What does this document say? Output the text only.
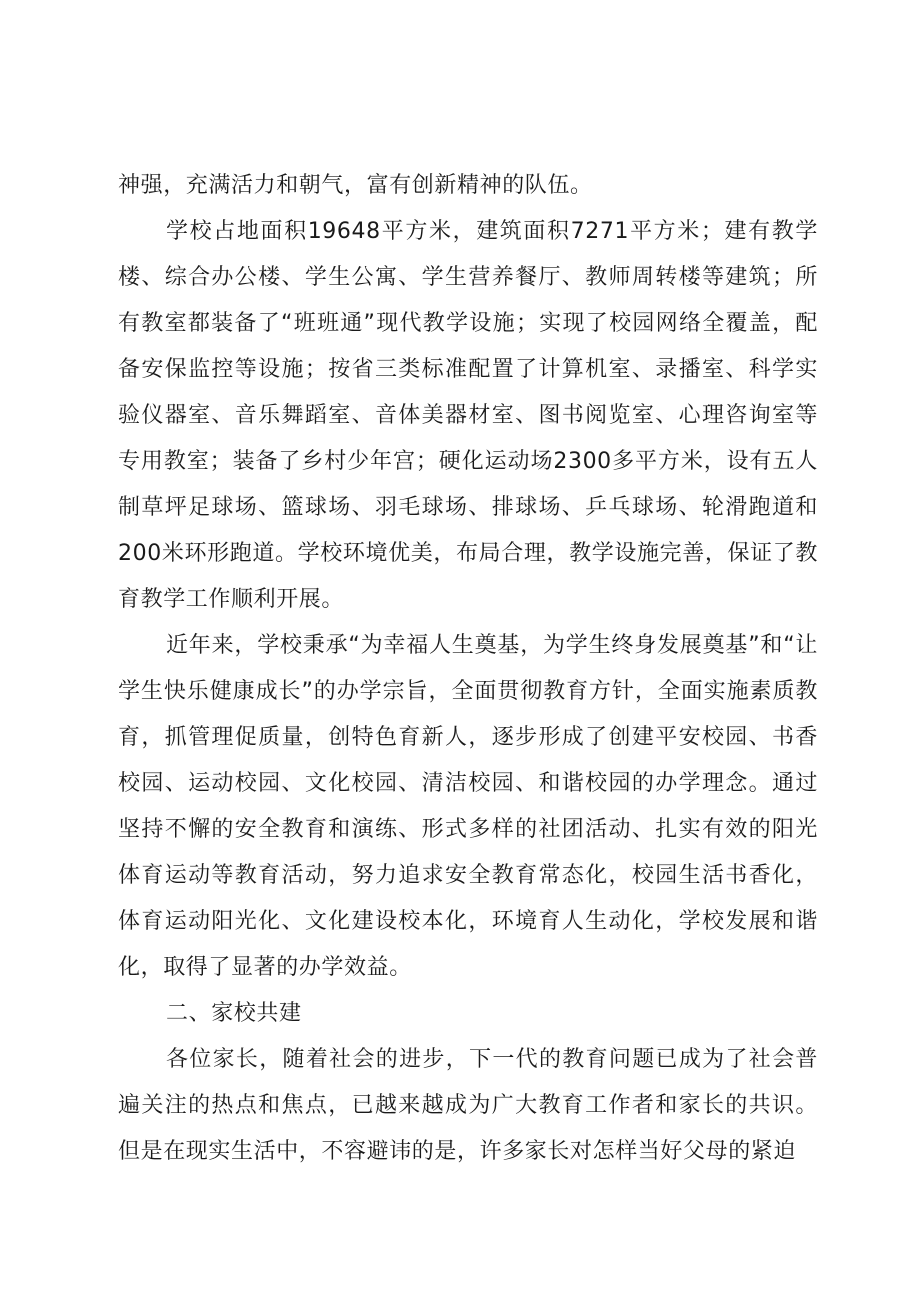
神强，充满活力和朝气，富有创新精神的队伍。

学校占地面积19648平方米，建筑面积7271平方米；建有教学楼、综合办公楼、学生公寓、学生营养餐厅、教师周转楼等建筑；所有教室都装备了“班班通”现代教学设施；实现了校园网络全覆盖，配备安保监控等设施；按省三类标准配置了计算机室、录播室、科学实验仪器室、音乐舞蹈室、音体美器材室、图书阅览室、心理咨询室等专用教室；装备了乡村少年宫；硬化运动场2300多平方米，设有五人制草坪足球场、篮球场、羽毛球场、排球场、乒乓球场、轮滑跑道和200米环形跑道。学校环境优美，布局合理，教学设施完善，保证了教育教学工作顺利开展。

近年来，学校秉承“为幸福人生奠基，为学生终身发展奠基”和“让学生快乐健康成长”的办学宗旨，全面贯彻教育方针，全面实施素质教育，抓管理促质量，创特色育新人，逐步形成了创建平安校园、书香校园、运动校园、文化校园、清洁校园、和谐校园的办学理念。通过坚持不懈的安全教育和演练、形式多样的社团活动、扎实有效的阳光体育运动等教育活动，努力追求安全教育常态化，校园生活书香化，体育运动阳光化、文化建设校本化，环境育人生动化，学校发展和谐化，取得了显著的办学效益。

二、家校共建

各位家长，随着社会的进步，下一代的教育问题已成为了社会普遍关注的热点和焦点，已越来越成为广大教育工作者和家长的共识。但是在现实生活中，不容避讳的是，许多家长对怎样当好父母的紧迫
